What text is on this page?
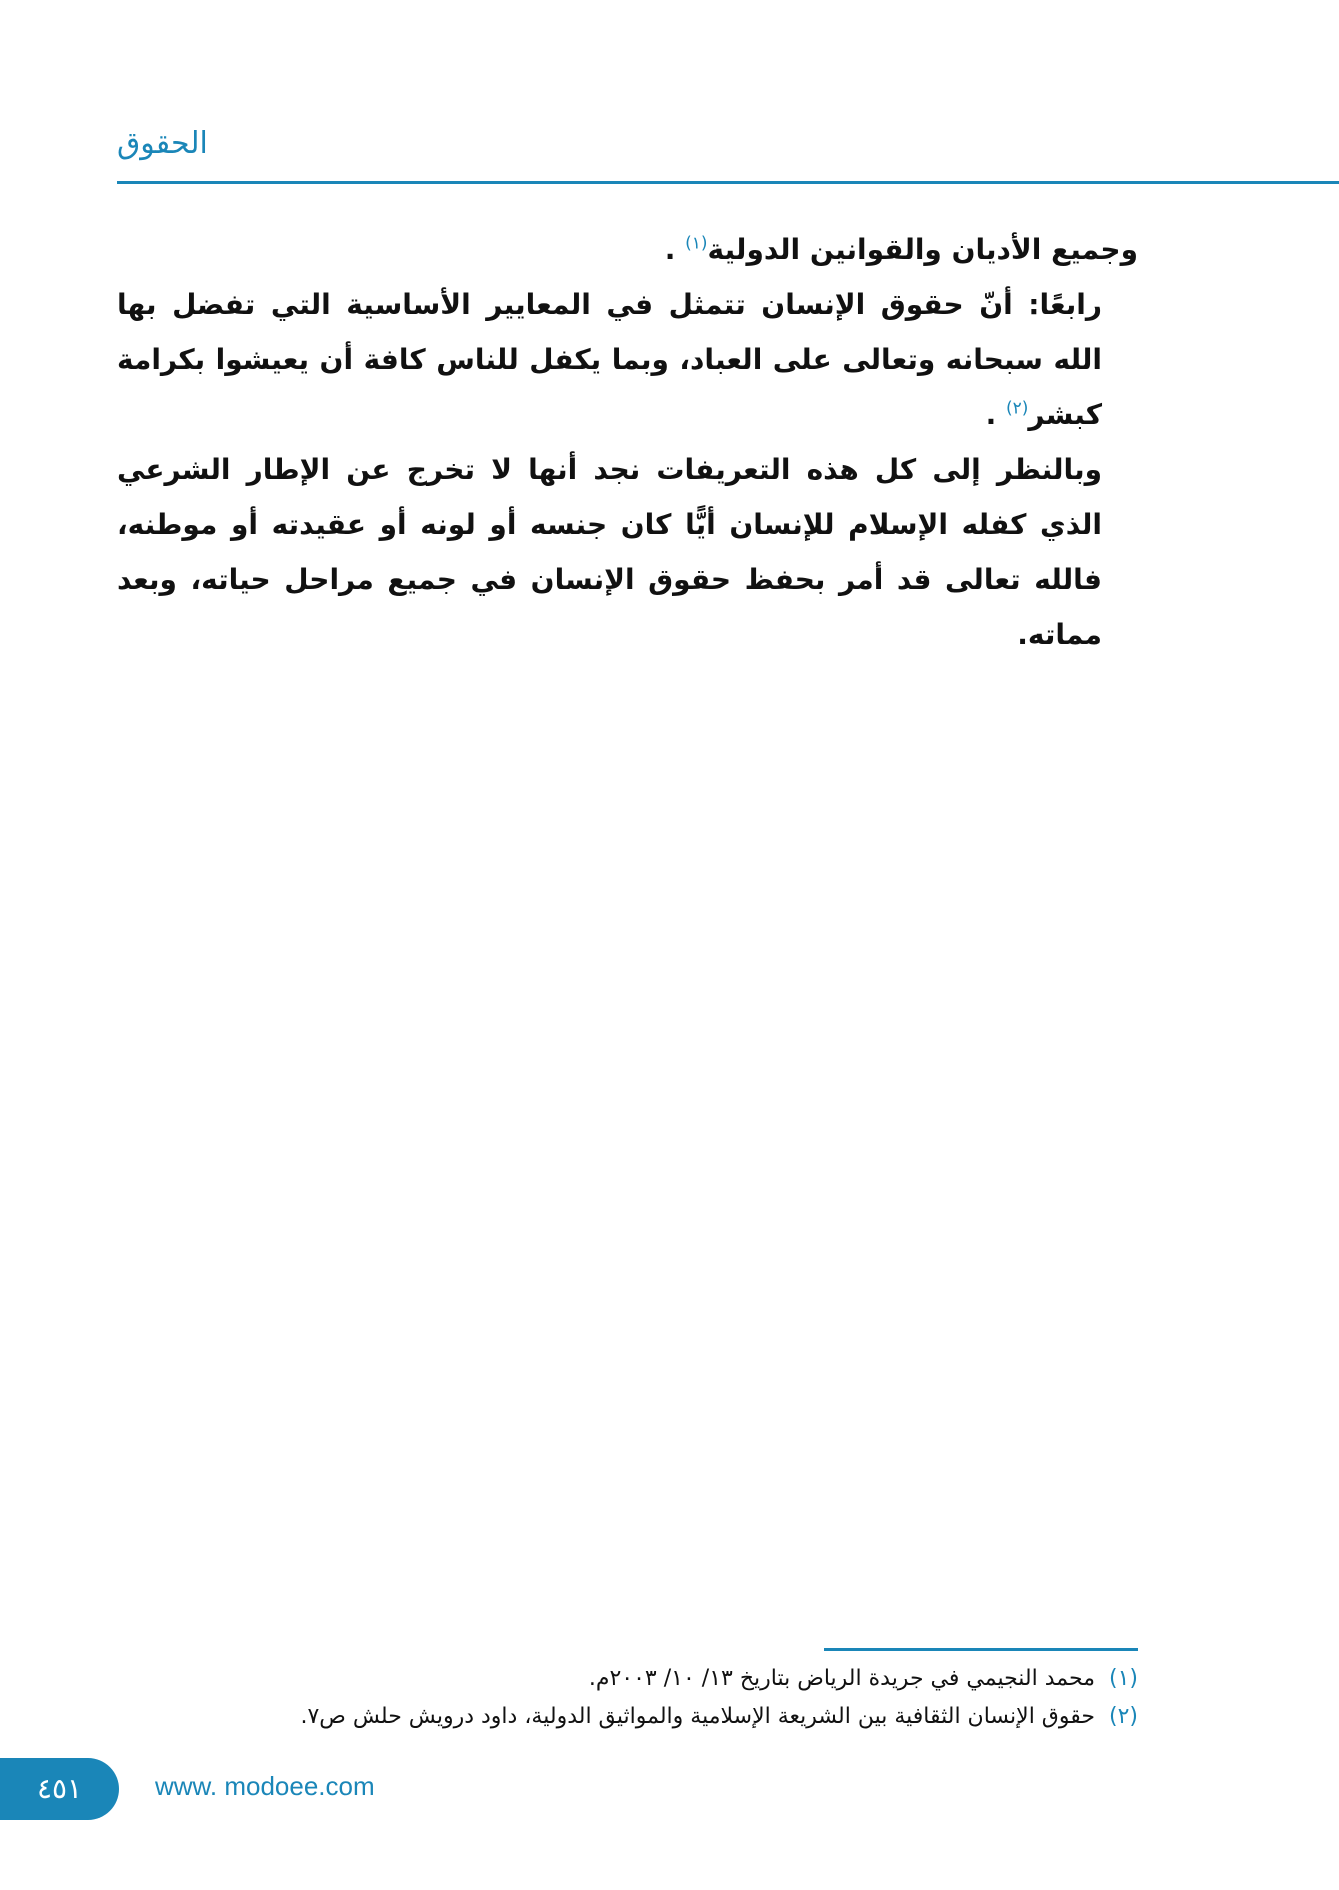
الحقوق

وجميع الأديان والقوانين الدولية$^{(١)}$ .

رابعًا: أنّ حقوق الإنسان تتمثل في المعايير الأساسية التي تفضل بها الله سبحانه وتعالى على العباد، وبما يكفل للناس كافة أن يعيشوا بكرامة كبشر$^{(٢)}$ .

وبالنظر إلى كل هذه التعريفات نجد أنها لا تخرج عن الإطار الشرعي الذي كفله الإسلام للإنسان أيًّا كان جنسه أو لونه أو عقيدته أو موطنه، فالله تعالى قد أمر بحفظ حقوق الإنسان في جميع مراحل حياته، وبعد مماته.

(١)محمد النجيمي في جريدة الرياض بتاريخ ١٣/ ١٠/ ٢٠٠٣م.
(٢)حقوق الإنسان الثقافية بين الشريعة الإسلامية والمواثيق الدولية، داود درويش حلش ص٧.
٤٥١	www. modoee.com
